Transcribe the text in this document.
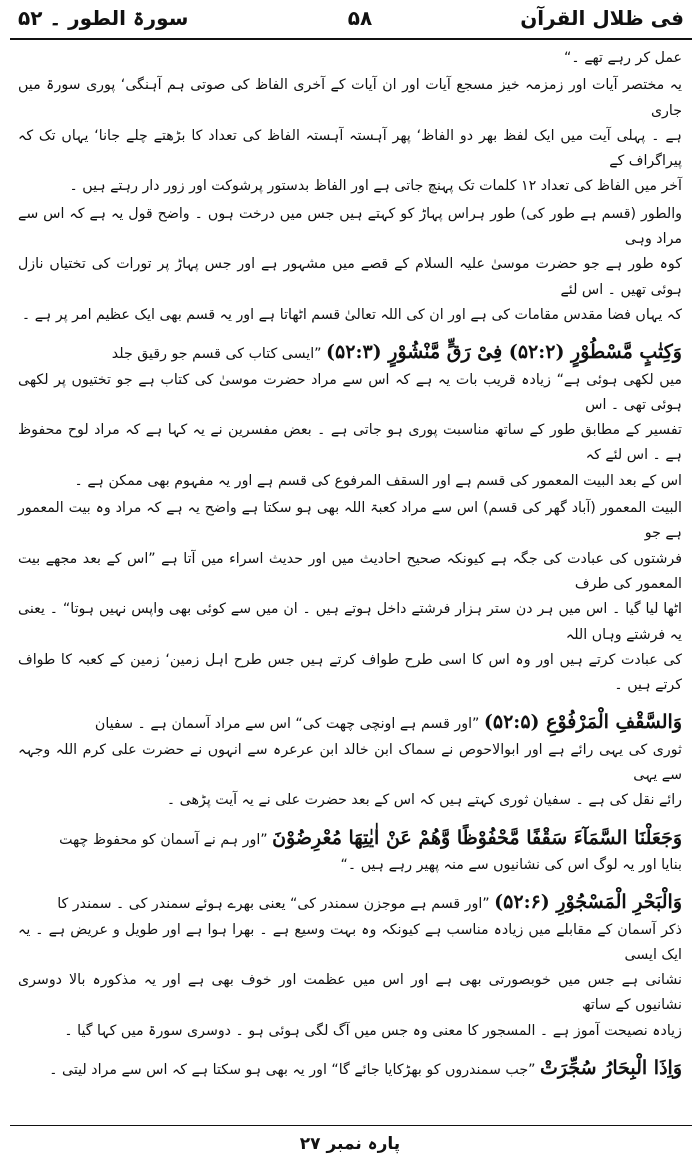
فی ظلال القرآن
۵۸
سورۃ الطور ۔ ۵۲

عمل کر رہے تھے ۔“

یہ مختصر آیات اور زمزمہ خیز مسجع آیات اور ان آیات کے آخری الفاظ کی صوتی ہم آہنگی‘ پوری سورۃ میں جاری
ہے ۔ پہلی آیت میں ایک لفظ بھر دو الفاظ‘ پھر آہستہ آہستہ الفاظ کی تعداد کا بڑھتے چلے جانا‘ یہاں تک کہ پیراگراف کے
آخر میں الفاظ کی تعداد ۱۲ کلمات تک پہنچ جاتی ہے اور الفاظ بدستور پرشوکت اور زور دار رہتے ہیں ۔

والطور (قسم ہے طور کی) طور ہراس پہاڑ کو کہتے ہیں جس میں درخت ہوں ۔ واضح قول یہ ہے کہ اس سے مراد وہی
کوہ طور ہے جو حضرت موسیٰ علیہ السلام کے قصے میں مشہور ہے اور جس پہاڑ پر تورات کی تختیاں نازل ہوئی تھیں ۔ اس لئے
کہ یہاں فضا مقدس مقامات کی ہے اور ان کی اللہ تعالیٰ قسم اٹھاتا ہے اور یہ قسم بھی ایک عظیم امر پر ہے ۔

وَكِتٰبٍ مَّسْطُوْرٍ (۵۲:۲) فِیْ رَقٍّ مَّنْشُوْرٍ (۵۲:۳) ”ایسی کتاب کی قسم جو رقیق جلد
میں لکھی ہوئی ہے“ زیادہ قریب بات یہ ہے کہ اس سے مراد حضرت موسیٰ کی کتاب ہے جو تختیوں پر لکھی ہوئی تھی ۔ اس
تفسیر کے مطابق طور کے ساتھ مناسبت پوری ہو جاتی ہے ۔ بعض مفسرین نے یہ کہا ہے کہ مراد لوح محفوظ ہے ۔ اس لئے کہ
اس کے بعد البیت المعمور کی قسم ہے اور السقف المرفوع کی قسم ہے اور یہ مفہوم بھی ممکن ہے ۔

البیت المعمور (آباد گھر کی قسم) اس سے مراد کعبۃ اللہ بھی ہو سکتا ہے واضح یہ ہے کہ مراد وہ بیت المعمور ہے جو
فرشتوں کی عبادت کی جگہ ہے کیونکہ صحیح احادیث میں اور حدیث اسراء میں آتا ہے ”اس کے بعد مجھے بیت المعمور کی طرف
اٹھا لیا گیا ۔ اس میں ہر دن ستر ہزار فرشتے داخل ہوتے ہیں ۔ ان میں سے کوئی بھی واپس نہیں ہوتا“ ۔ یعنی یہ فرشتے وہاں اللہ
کی عبادت کرتے ہیں اور وہ اس کا اسی طرح طواف کرتے ہیں جس طرح اہل زمین‘ زمین کے کعبہ کا طواف کرتے ہیں ۔

وَالسَّقْفِ الْمَرْفُوْعِ (۵۲:۵) ”اور قسم ہے اونچی چھت کی“ اس سے مراد آسمان ہے ۔ سفیان
ثوری کی یہی رائے ہے اور ابوالاحوص نے سماک ابن خالد ابن عرعرہ سے انہوں نے حضرت علی کرم اللہ وجہہ سے یہی
رائے نقل کی ہے ۔ سفیان ثوری کہتے ہیں کہ اس کے بعد حضرت علی نے یہ آیت پڑھی ۔

وَجَعَلْنَا السَّمَآءَ سَقْفًا مَّحْفُوْظًا وَّهُمْ عَنْ اٰیٰتِهَا مُعْرِضُوْنَ ”اور ہم نے آسمان کو محفوظ چھت
بنایا اور یہ لوگ اس کی نشانیوں سے منہ پھیر رہے ہیں ۔“

وَالْبَحْرِ الْمَسْجُوْرِ (۵۲:۶) ”اور قسم ہے موجزن سمندر کی“ یعنی بھرے ہوئے سمندر کی ۔ سمندر کا
ذکر آسمان کے مقابلے میں زیادہ مناسب ہے کیونکہ وہ بہت وسیع ہے ۔ بھرا ہوا ہے اور طویل و عریض ہے ۔ یہ ایک ایسی
نشانی ہے جس میں خوبصورتی بھی ہے اور اس میں عظمت اور خوف بھی ہے اور یہ مذکورہ بالا دوسری نشانیوں کے ساتھ
زیادہ نصیحت آموز ہے ۔ المسجور کا معنی وہ جس میں آگ لگی ہوئی ہو ۔ دوسری سورۃ میں کہا گیا ۔

وَاِذَا الْبِحَارُ سُجِّرَتْ ”جب سمندروں کو بھڑکایا جائے گا“ اور یہ بھی ہو سکتا ہے کہ اس سے مراد لیتی ۔

پارہ نمبر ۲۷
